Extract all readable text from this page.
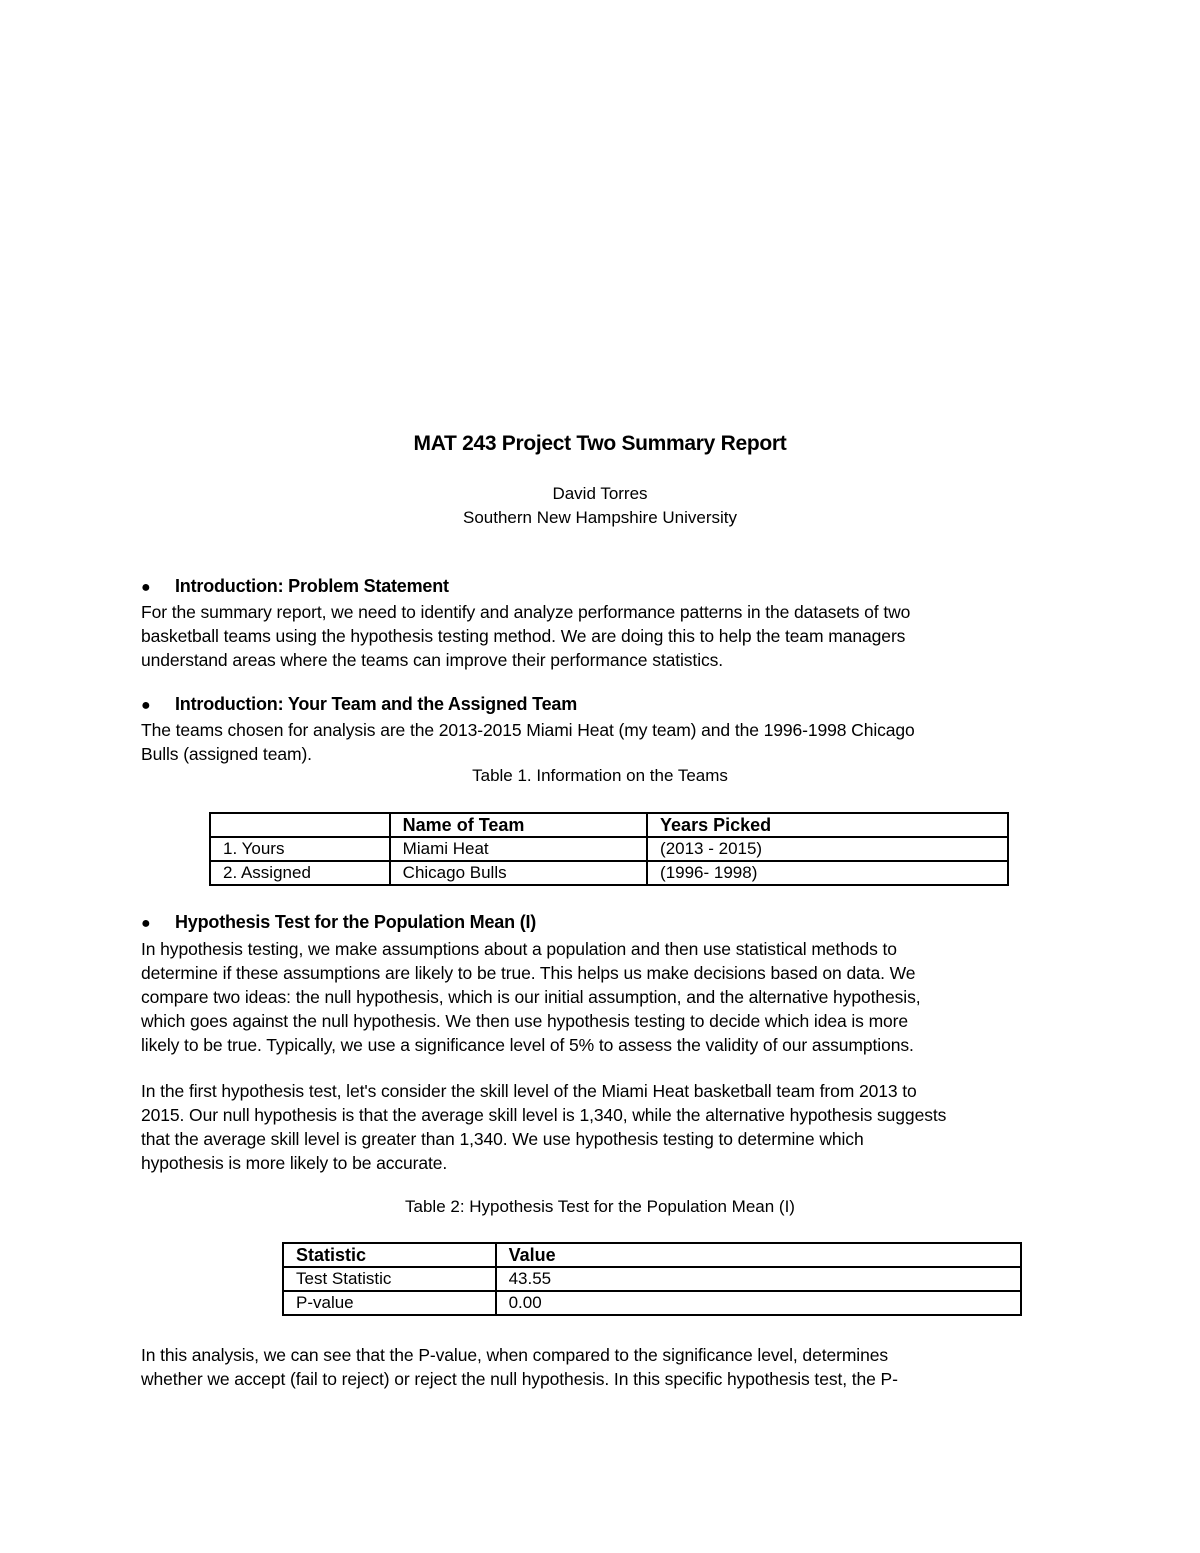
MAT 243 Project Two Summary Report
David Torres
Southern New Hampshire University
● Introduction: Problem Statement
For the summary report, we need to identify and analyze performance patterns in the datasets of two
basketball teams using the hypothesis testing method. We are doing this to help the team managers
understand areas where the teams can improve their performance statistics.
● Introduction: Your Team and the Assigned Team
The teams chosen for analysis are the 2013-2015 Miami Heat (my team) and the 1996-1998 Chicago
Bulls (assigned team).
Table 1. Information on the Teams
	Name of Team	Years Picked
1. Yours	Miami Heat	(2013 - 2015)
2. Assigned	Chicago Bulls	(1996- 1998)
● Hypothesis Test for the Population Mean (I)
In hypothesis testing, we make assumptions about a population and then use statistical methods to
determine if these assumptions are likely to be true. This helps us make decisions based on data. We
compare two ideas: the null hypothesis, which is our initial assumption, and the alternative hypothesis,
which goes against the null hypothesis. We then use hypothesis testing to decide which idea is more
likely to be true. Typically, we use a significance level of 5% to assess the validity of our assumptions.
In the first hypothesis test, let's consider the skill level of the Miami Heat basketball team from 2013 to
2015. Our null hypothesis is that the average skill level is 1,340, while the alternative hypothesis suggests
that the average skill level is greater than 1,340. We use hypothesis testing to determine which
hypothesis is more likely to be accurate.
Table 2: Hypothesis Test for the Population Mean (I)
Statistic	Value
Test Statistic	43.55
P-value	0.00
In this analysis, we can see that the P-value, when compared to the significance level, determines
whether we accept (fail to reject) or reject the null hypothesis. In this specific hypothesis test, the P-
